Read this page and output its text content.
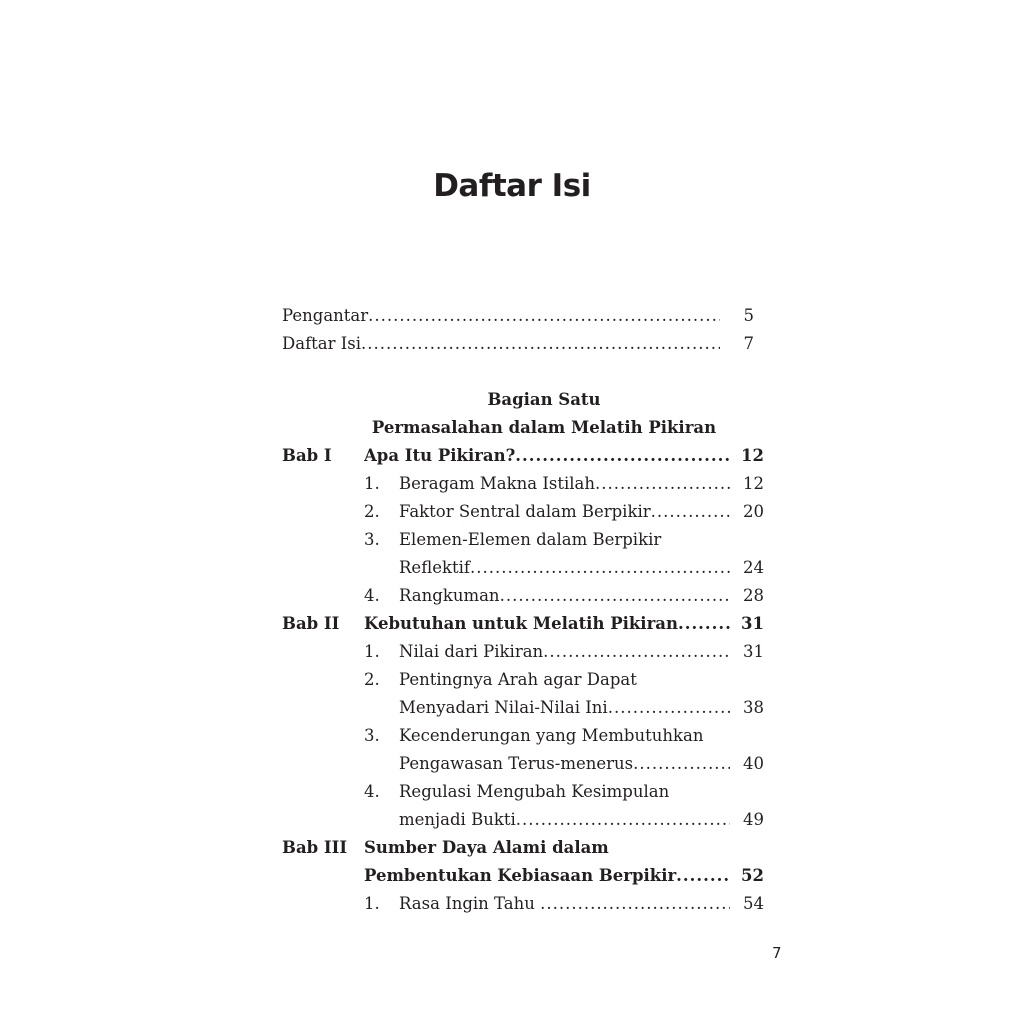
Daftar Isi
Pengantar .....	5
Daftar Isi .....	7
Bagian Satu
Permasalahan dalam Melatih Pikiran
Bab I Apa Itu Pikiran? .....	12
1. Beragam Makna Istilah .....	12
2. Faktor Sentral dalam Berpikir .....	20
3. Elemen-Elemen dalam Berpikir
Reflektif .....	24
4. Rangkuman .....	28
Bab II Kebutuhan untuk Melatih Pikiran .....	31
1. Nilai dari Pikiran .....	31
2. Pentingnya Arah agar Dapat
Menyadari Nilai-Nilai Ini .....	38
3. Kecenderungan yang Membutuhkan
Pengawasan Terus-menerus .....	40
4. Regulasi Mengubah Kesimpulan
menjadi Bukti .....	49
Bab III Sumber Daya Alami dalam
Pembentukan Kebiasaan Berpikir .....	52
1. Rasa Ingin Tahu .....	54
7
